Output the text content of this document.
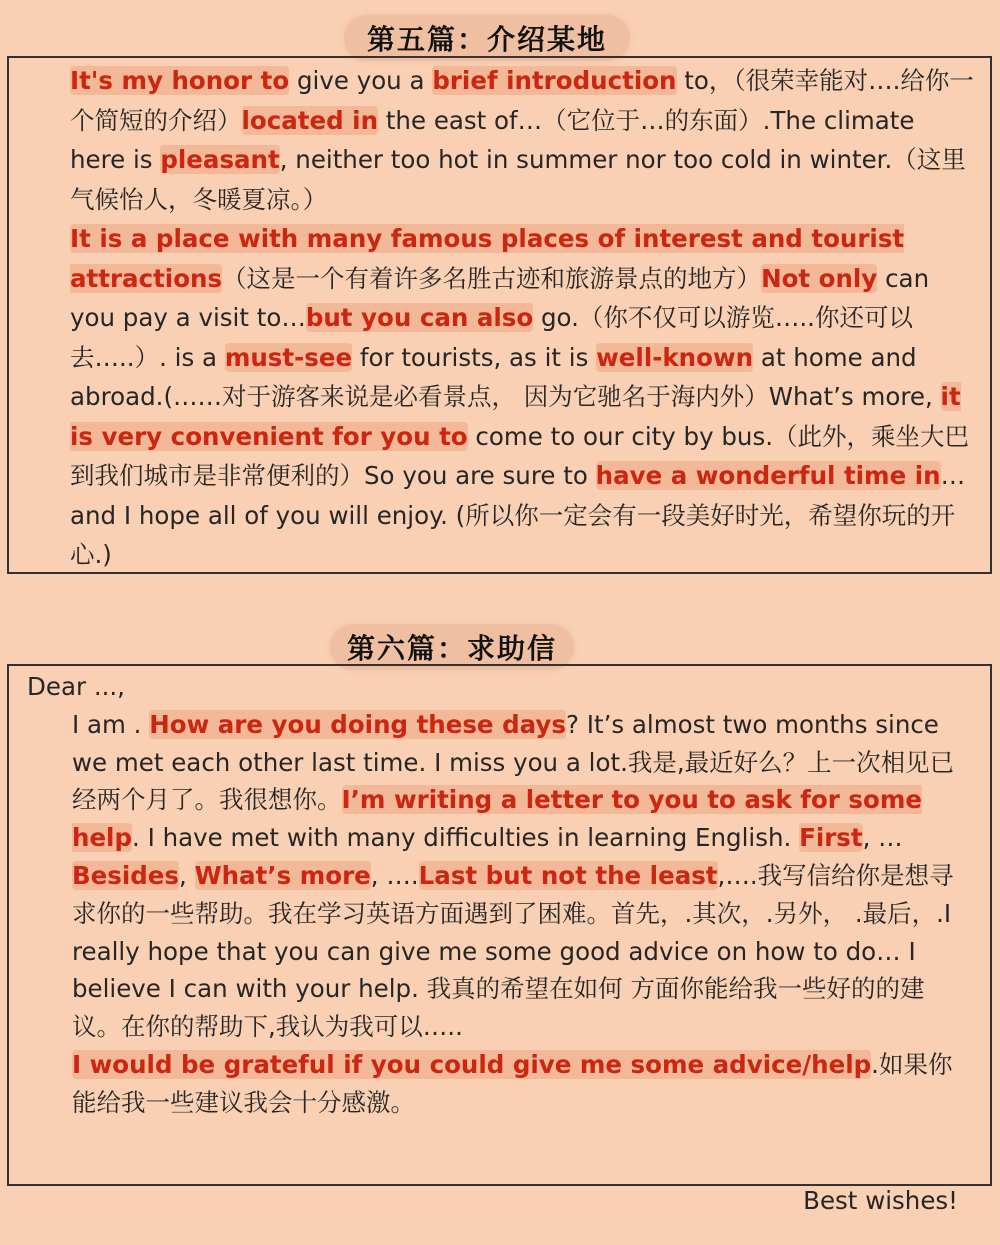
第五篇：介绍某地

It's my honor to give you a brief introduction to，（很荣幸能对….给你一个简短的介绍）located in the east of…（它位于…的东面）.The climate here is pleasant, neither too hot in summer nor too cold in winter.（这里气候怡人，冬暖夏凉。）

It is a place with many famous places of interest and tourist attractions（这是一个有着许多名胜古迹和旅游景点的地方）Not only can you pay a visit to…but you can also go.（你不仅可以游览…..你还可以去…..）. is a must-see for tourists, as it is well-known at home and abroad.(……对于游客来说是必看景点， 因为它驰名于海内外）What’s more, it is very convenient for you to come to our city by bus.（此外，乘坐大巴到我们城市是非常便利的）So you are sure to have a wonderful time in…and I hope all of you will enjoy. (所以你一定会有一段美好时光，希望你玩的开心.)

第六篇：求助信

Dear ...,

I am . How are you doing these days? It’s almost two months since we met each other last time. I miss you a lot.我是,最近好么？上一次相见已经两个月了。我很想你。I’m writing a letter to you to ask for some help. I have met with many difficulties in learning English. First, … Besides, What’s more, ….Last but not the least,….我写信给你是想寻求你的一些帮助。我在学习英语方面遇到了困难。首先，.其次，.另外， .最后，.I really hope that you can give me some good advice on how to do… I believe I can with your help. 我真的希望在如何 方面你能给我一些好的的建议。在你的帮助下,我认为我可以…..

I would be grateful if you could give me some advice/help.如果你能给我一些建议我会十分感激。

Best wishes!
